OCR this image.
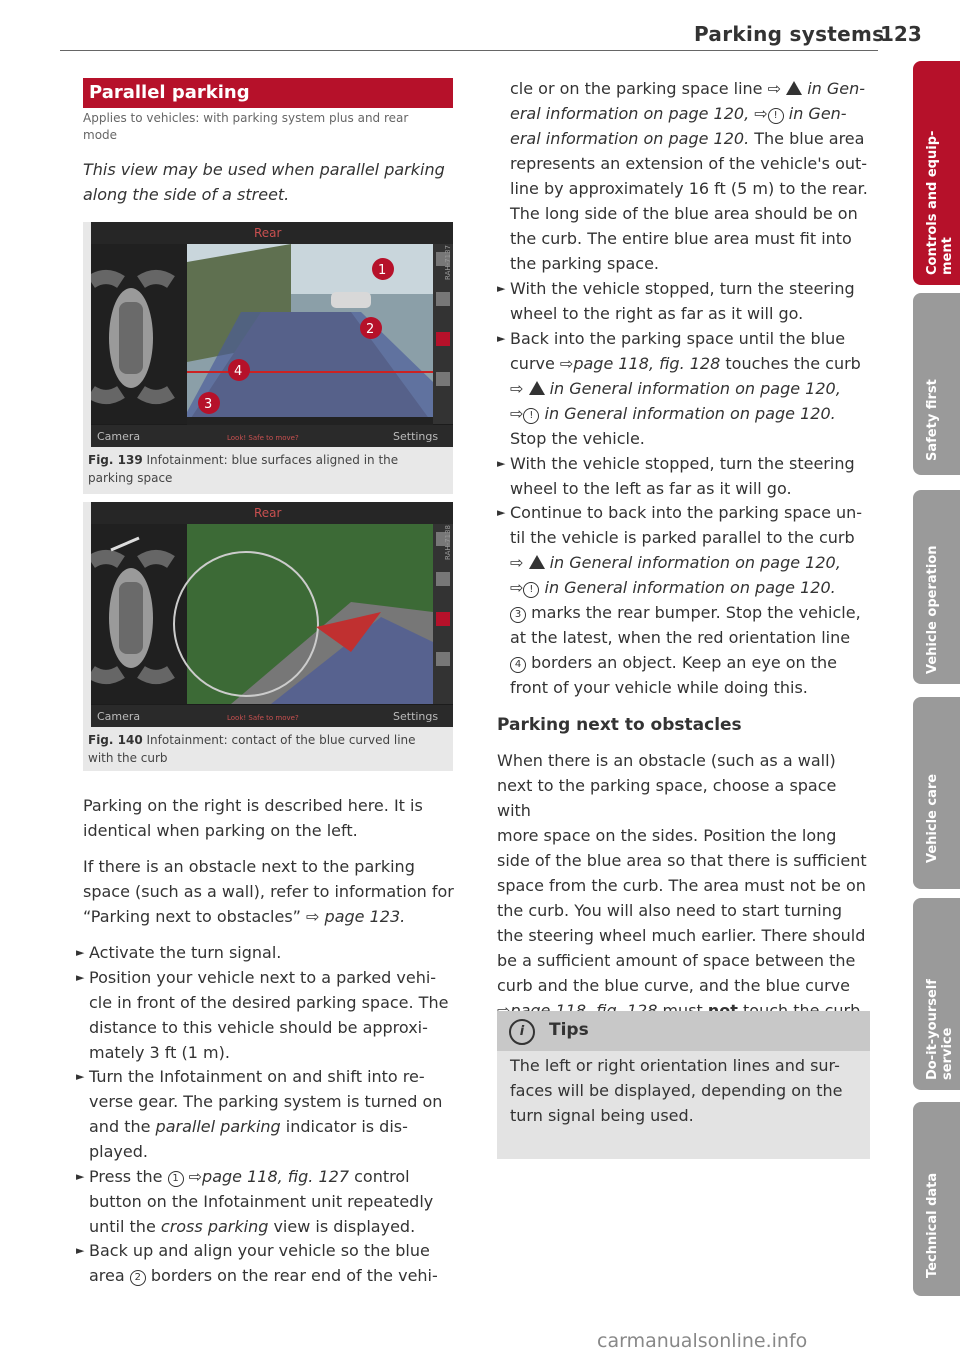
Parking systems
123
Parallel parking
Applies to vehicles: with parking system plus and rear mode
This view may be used when parallel parking
along the side of a street.
1
2
4
3
Rear
Camera	Look! Safe to move?	Settings
RAH-7137
Fig. 139 Infotainment: blue surfaces aligned in the
parking space
Rear
Camera	Look! Safe to move?	Settings
RAH-7138
Fig. 140 Infotainment: contact of the blue curved line
with the curb
Parking on the right is described here. It is
identical when parking on the left.
If there is an obstacle next to the parking
space (such as a wall), refer to information for
“Parking next to obstacles” ⇨ page 123.
► Activate the turn signal.
► Position your vehicle next to a parked vehi-
cle in front of the desired parking space. The
distance to this vehicle should be approxi-
mately 3 ft (1 m).
► Turn the Infotainment on and shift into re-
verse gear. The parking system is turned on
and the parallel parking indicator is dis-
played.
► Press the 1 ⇨page 118, fig. 127 control
button on the Infotainment unit repeatedly
until the cross parking view is displayed.
► Back up and align your vehicle so the blue
area 2 borders on the rear end of the vehi-
cle or on the parking space line ⇨ in Gen-
eral information on page 120, ⇨ ! in Gen-
eral information on page 120. The blue area
represents an extension of the vehicle's out-
line by approximately 16 ft (5 m) to the rear.
The long side of the blue area should be on
the curb. The entire blue area must fit into
the parking space.
► With the vehicle stopped, turn the steering
wheel to the right as far as it will go.
► Back into the parking space until the blue
curve ⇨page 118, fig. 128 touches the curb
⇨ in General information on page 120,
⇨ ! in General information on page 120.
Stop the vehicle.
► With the vehicle stopped, turn the steering
wheel to the left as far as it will go.
► Continue to back into the parking space un-
til the vehicle is parked parallel to the curb
⇨ in General information on page 120,
⇨ ! in General information on page 120.
3 marks the rear bumper. Stop the vehicle,
at the latest, when the red orientation line
4 borders an object. Keep an eye on the
front of your vehicle while doing this.
Parking next to obstacles
When there is an obstacle (such as a wall)
next to the parking space, choose a space with
more space on the sides. Position the long
side of the blue area so that there is sufficient
space from the curb. The area must not be on
the curb. You will also need to start turning
the steering wheel much earlier. There should
be a sufficient amount of space between the
curb and the blue curve, and the blue curve
i	Tips
The left or right orientation lines and sur-
faces will be displayed, depending on the
turn signal being used.
Controls and equip- ment
Safety first
Vehicle operation
Vehicle care
Do-it-yourself service
Technical data
carmanualsonline.info
